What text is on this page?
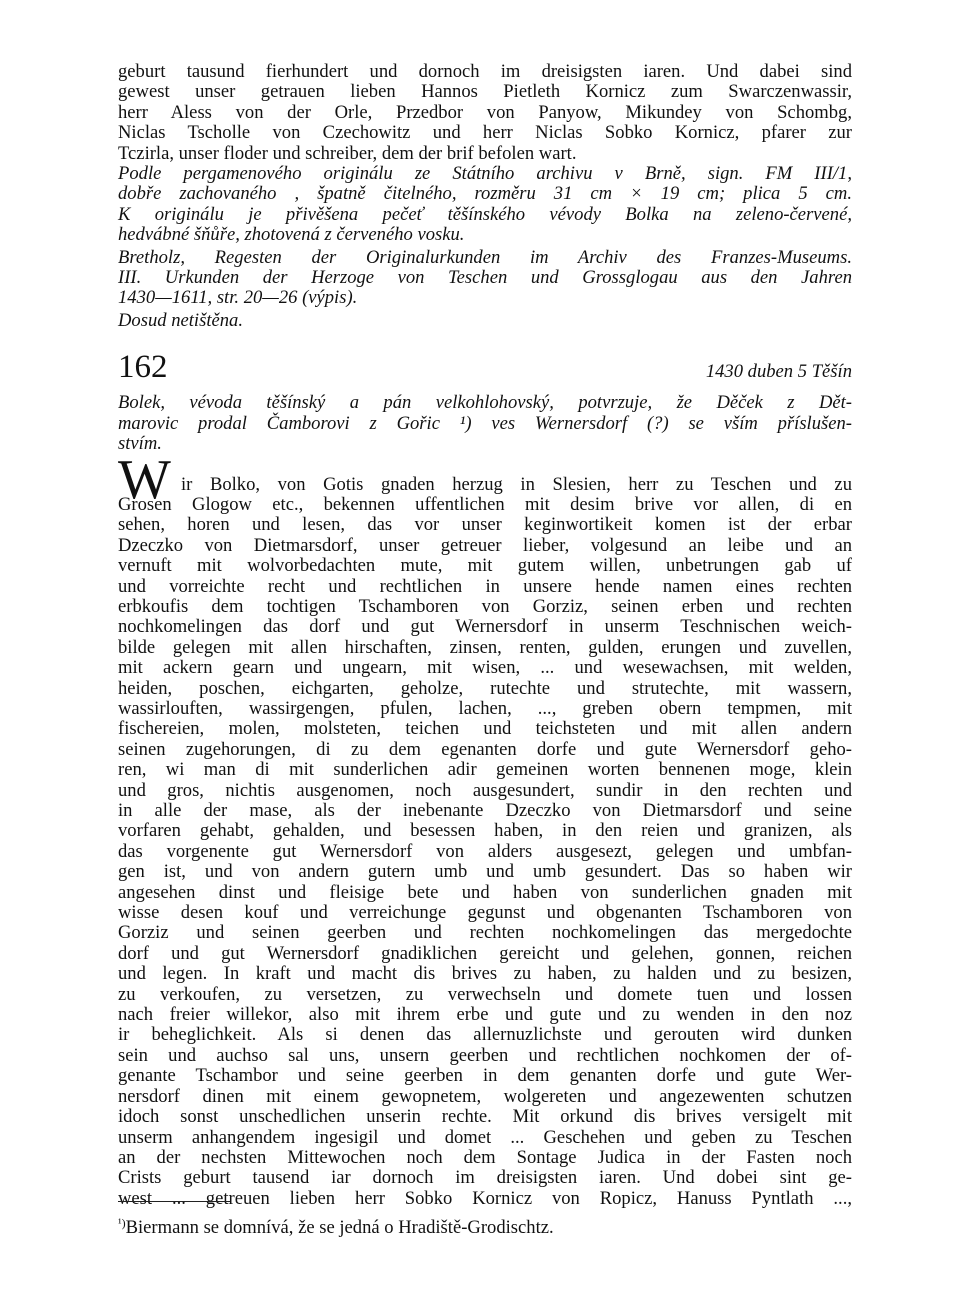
geburt tausund fierhundert und dornoch im dreisigsten iaren. Und dabei sind

gewest unser getrauen lieben Hannos Pietleth Kornicz zum Swarczenwassir,

herr Aless von der Orle, Przedbor von Panyow, Mikundey von Schombg,

Niclas Tscholle von Czechowitz und herr Niclas Sobko Kornicz, pfarer zur

Tczirla, unser floder und schreiber, dem der brif befolen wart.

Podle pergamenového originálu ze Státního archivu v Brně, sign. FM III/1,

dobře zachovaného , špatně čitelného, rozměru 31 cm × 19 cm; plica 5 cm.

K originálu je přivěšena pečeť těšínského vévody Bolka na zeleno-červené,

hedvábné šňůře, zhotovená z červeného vosku.

Bretholz, Regesten der Originalurkunden im Archiv des Franzes-Museums.

III. Urkunden der Herzoge von Teschen und Grossglogau aus den Jahren

1430—1611, str. 20—26 (výpis).

Dosud netištěna.

162	1430 duben 5 Těšín

Bolek, vévoda těšínský a pán velkohlohovský, potvrzuje, že Děček z Dět-

marovic prodal Čamborovi z Gořic ¹) ves Wernersdorf (?) se vším příslušen-

stvím.

W ir Bolko, von Gotis gnaden herzug in Slesien, herr zu Teschen und zu

Grosen Glogow etc., bekennen uffentlichen mit desim brive vor allen, di en

sehen, horen und lesen, das vor unser keginwortikeit komen ist der erbar

Dzeczko von Dietmarsdorf, unser getreuer lieber, volgesund an leibe und an

vernuft mit wolvorbedachten mute, mit gutem willen, unbetrungen gab uf

und vorreichte recht und rechtlichen in unsere hende namen eines rechten

erbkoufis dem tochtigen Tschamboren von Gorziz, seinen erben und rechten

nochkomelingen das dorf und gut Wernersdorf in unserm Teschnischen weich-

bilde gelegen mit allen hirschaften, zinsen, renten, gulden, erungen und zuvellen,

mit ackern gearn und ungearn, mit wisen, ... und wesewachsen, mit welden,

heiden, poschen, eichgarten, geholze, rutechte und strutechte, mit wassern,

wassirlouften, wassirgengen, pfulen, lachen, ..., greben obern tempmen, mit

fischereien, molen, molsteten, teichen und teichsteten und mit allen andern

seinen zugehorungen, di zu dem egenanten dorfe und gute Wernersdorf geho-

ren, wi man di mit sunderlichen adir gemeinen worten bennenen moge, klein

und gros, nichtis ausgenomen, noch ausgesundert, sundir in den rechten und

in alle der mase, als der inebenante Dzeczko von Dietmarsdorf und seine

vorfaren gehabt, gehalden, und besessen haben, in den reien und granizen, als

das vorgenente gut Wernersdorf von alders ausgesezt, gelegen und umbfan-

gen ist, und von andern gutern umb und umb gesundert. Das so haben wir

angesehen dinst und fleisige bete und haben von sunderlichen gnaden mit

wisse desen kouf und verreichunge gegunst und obgenanten Tschamboren von

Gorziz und seinen geerben und rechten nochkomelingen das mergedochte

dorf und gut Wernersdorf gnadiklichen gereicht und gelehen, gonnen, reichen

und legen. In kraft und macht dis brives zu haben, zu halden und zu besizen,

zu verkoufen, zu versetzen, zu verwechseln und domete tuen und lossen

nach freier willekor, also mit ihrem erbe und gute und zu wenden in den noz

ir beheglichkeit. Als si denen das allernuzlichste und gerouten wird dunken

sein und auchso sal uns, unsern geerben und rechtlichen nochkomen der of-

genante Tschambor und seine geerben in dem genanten dorfe und gute Wer-

nersdorf dinen mit einem gewopnetem, wolgereten und angezewenten schutzen

idoch sonst unschedlichen unserin rechte. Mit orkund dis brives versigelt mit

unserm anhangendem ingesigil und domet ... Geschehen und geben zu Teschen

an der nechsten Mittewochen noch dem Sontage Judica in der Fasten noch

Crists geburt tausend iar dornoch im dreisigsten iaren. Und dobei sint ge-

west ... getreuen lieben herr Sobko Kornicz von Ropicz, Hanuss Pyntlath ...,

$^{^1)}$Biermann se domnívá, že se jedná o Hradiště-Grodischtz.
